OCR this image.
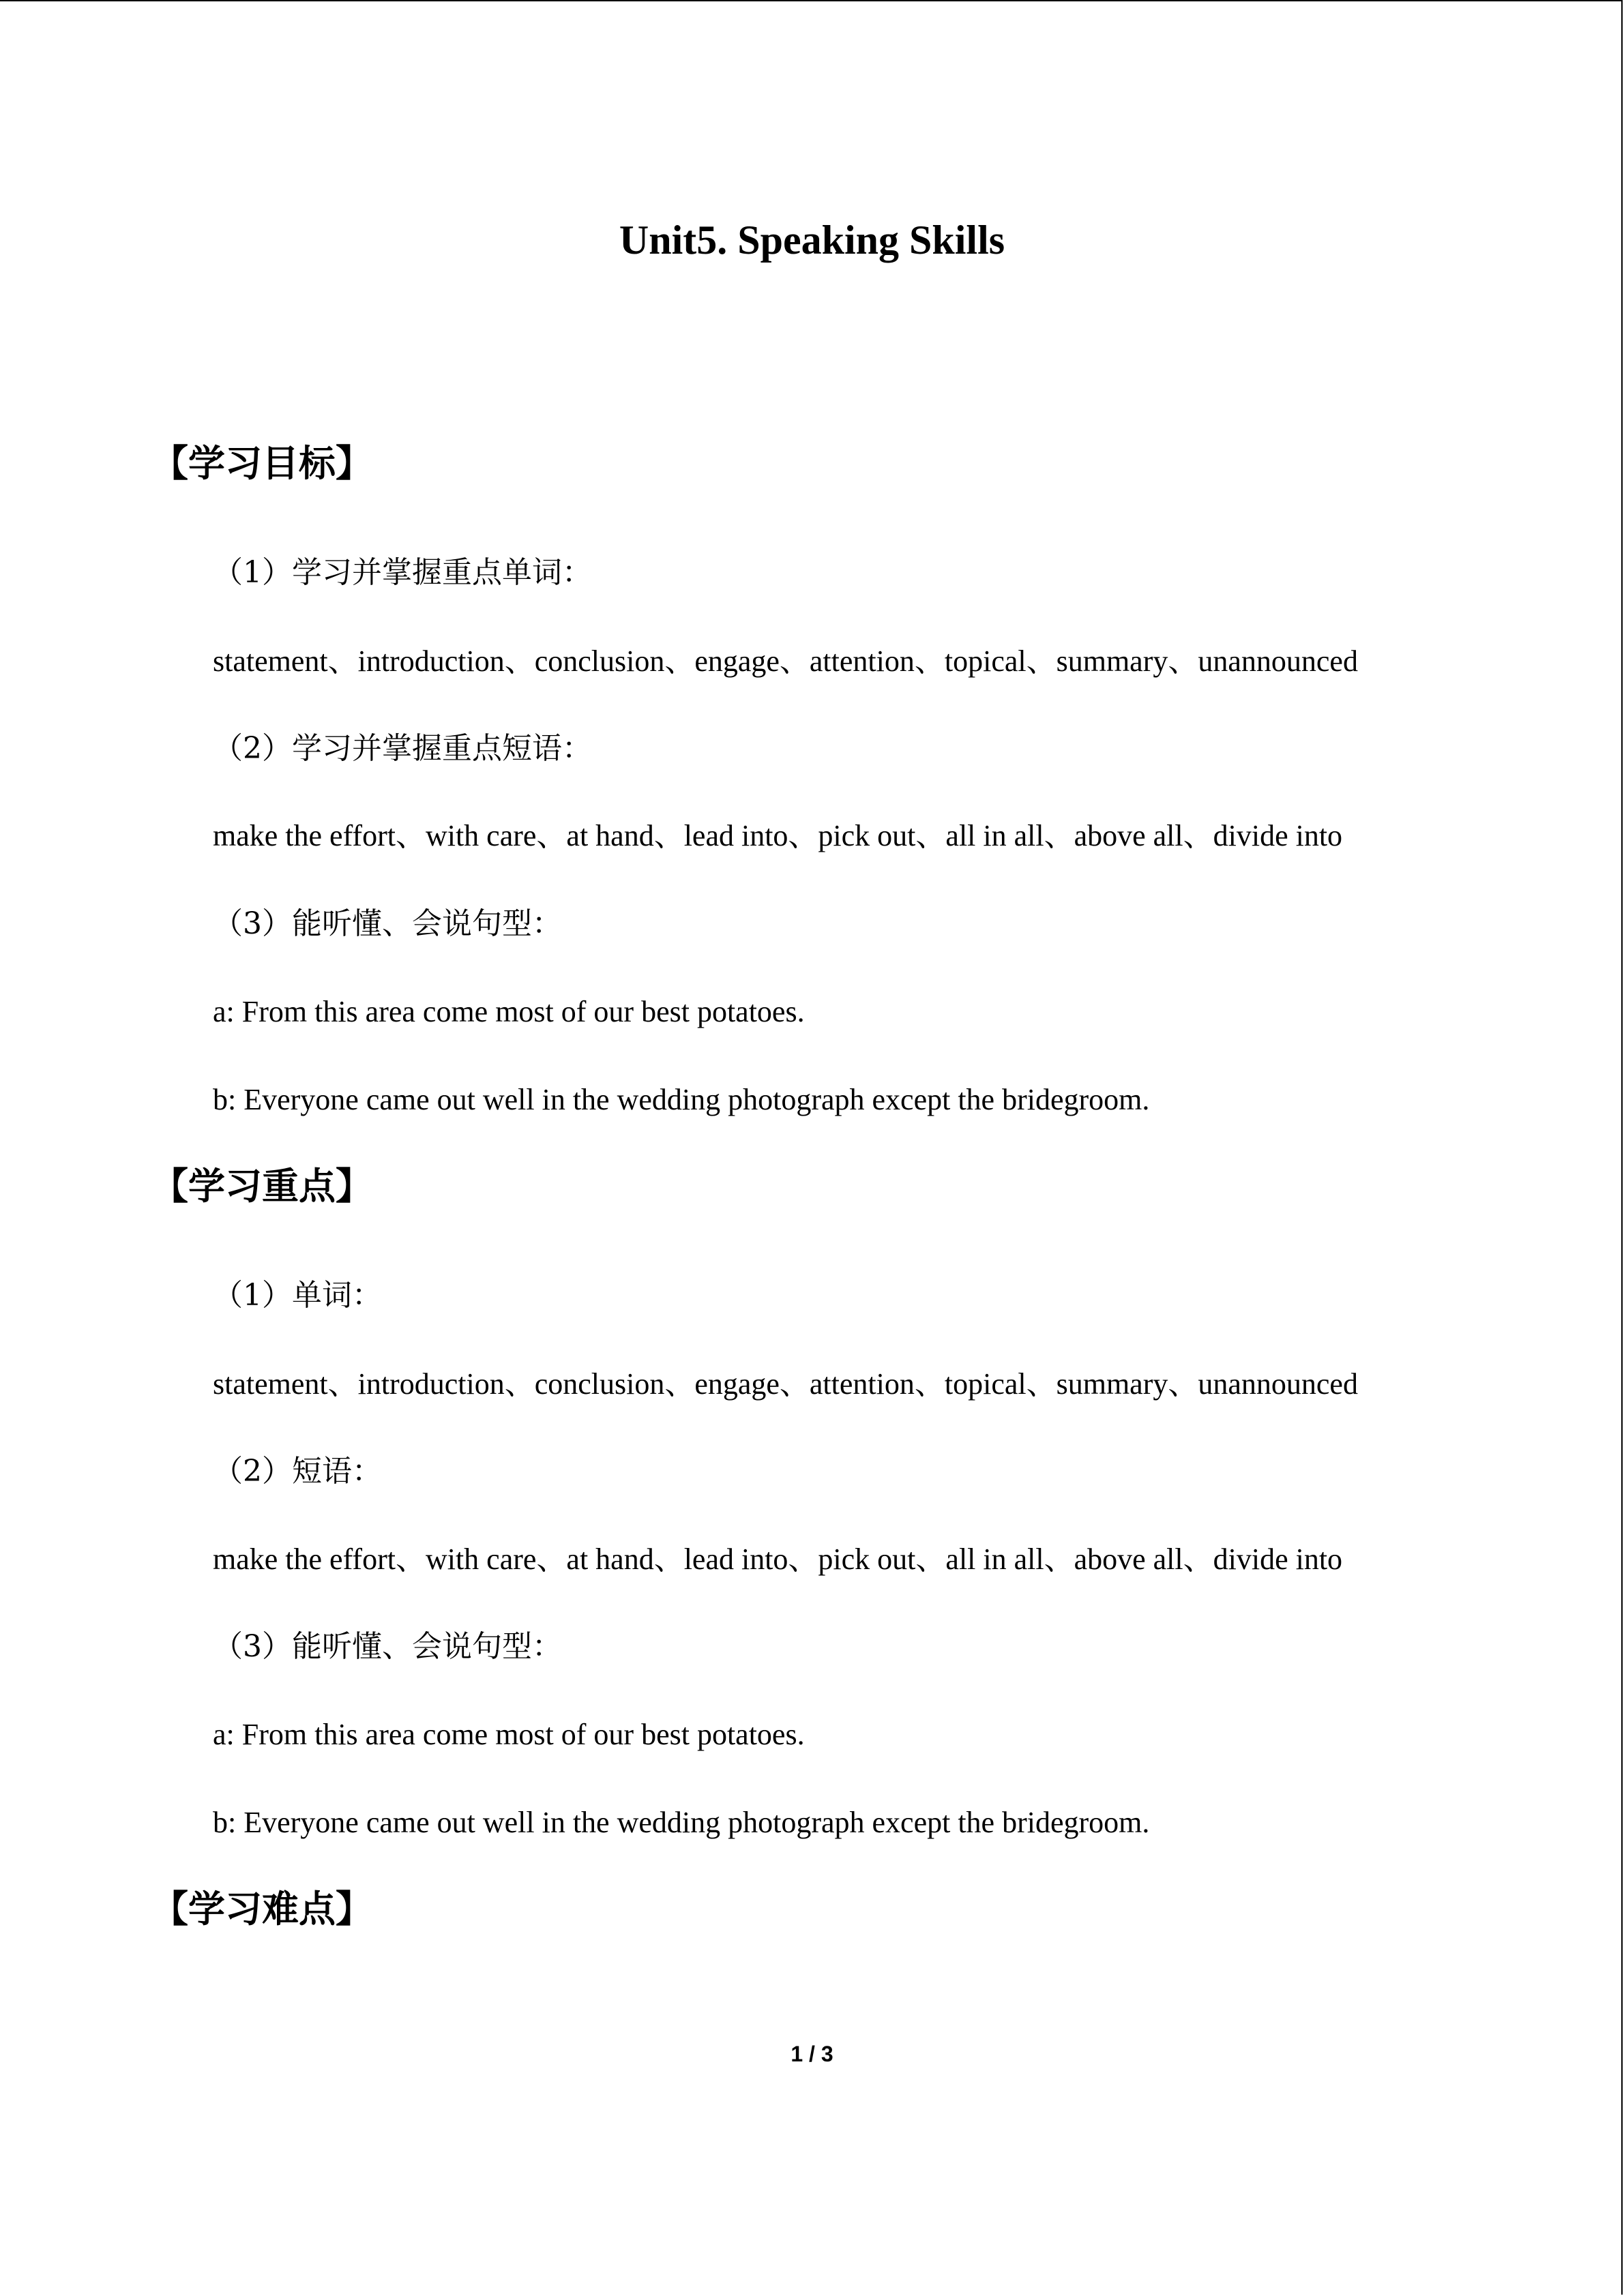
Unit5. Speaking Skills
【学习目标】
（1）学习并掌握重点单词：
statement、introduction、conclusion、engage、attention、topical、summary、unannounced
（2）学习并掌握重点短语：
make the effort、with care、at hand、lead into、pick out、all in all、above all、divide into
（3）能听懂、会说句型：
a: From this area come most of our best potatoes.
b: Everyone came out well in the wedding photograph except the bridegroom.
【学习重点】
（1）单词：
statement、introduction、conclusion、engage、attention、topical、summary、unannounced
（2）短语：
make the effort、with care、at hand、lead into、pick out、all in all、above all、divide into
（3）能听懂、会说句型：
a: From this area come most of our best potatoes.
b: Everyone came out well in the wedding photograph except the bridegroom.
【学习难点】
1 / 3
